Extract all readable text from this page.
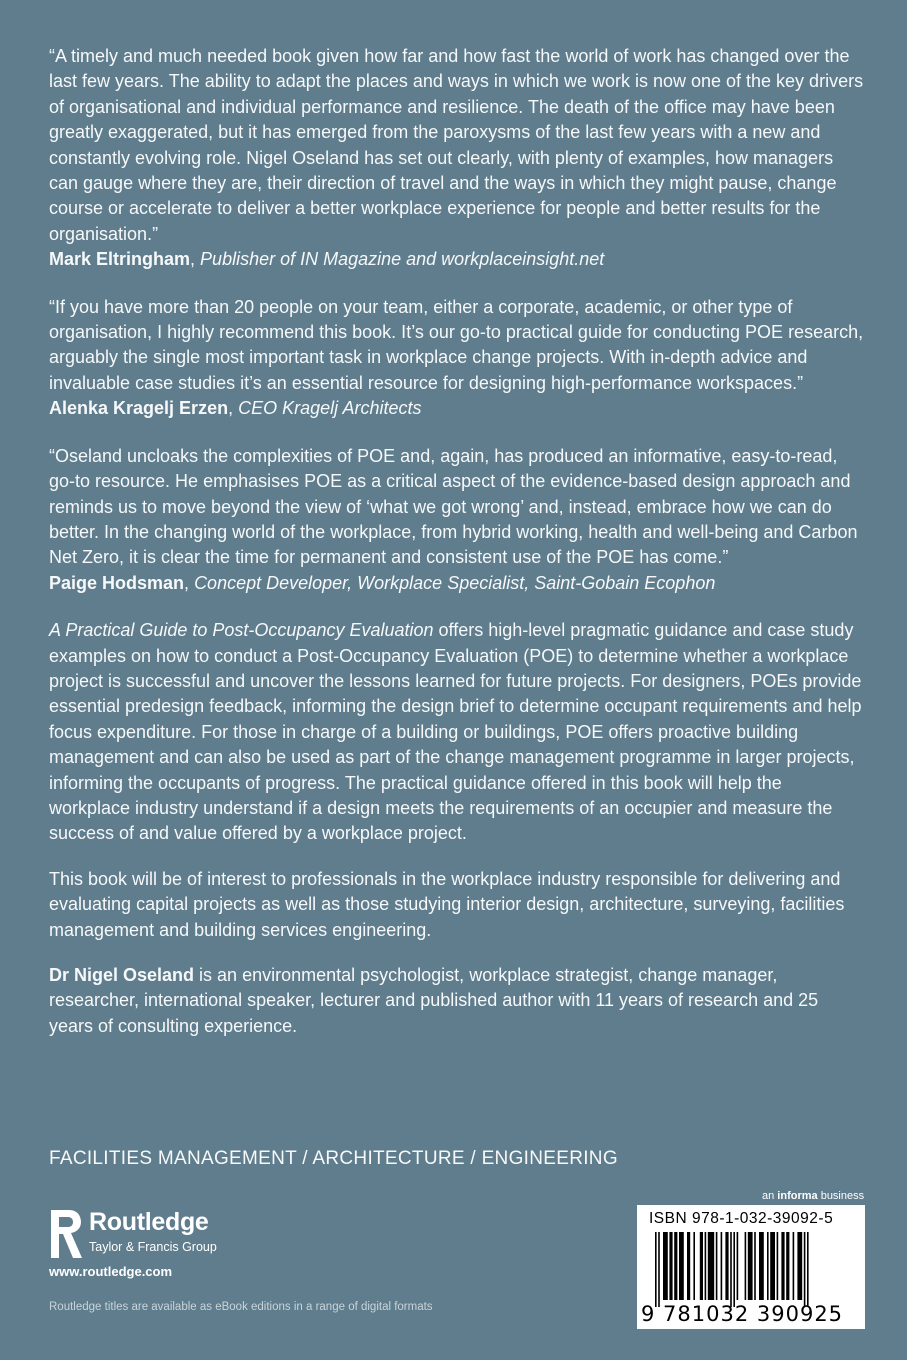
“A timely and much needed book given how far and how fast the world of work has changed over the last few years. The ability to adapt the places and ways in which we work is now one of the key drivers of organisational and individual performance and resilience. The death of the office may have been greatly exaggerated, but it has emerged from the paroxysms of the last few years with a new and constantly evolving role. Nigel Oseland has set out clearly, with plenty of examples, how managers can gauge where they are, their direction of travel and the ways in which they might pause, change course or accelerate to deliver a better workplace experience for people and better results for the organisation.”
Mark Eltringham, Publisher of IN Magazine and workplaceinsight.net
“If you have more than 20 people on your team, either a corporate, academic, or other type of organisation, I highly recommend this book. It’s our go-to practical guide for conducting POE research, arguably the single most important task in workplace change projects. With in-depth advice and invaluable case studies it’s an essential resource for designing high-performance workspaces.”
Alenka Kragelj Erzen, CEO Kragelj Architects
“Oseland uncloaks the complexities of POE and, again, has produced an informative, easy-to-read, go-to resource. He emphasises POE as a critical aspect of the evidence-based design approach and reminds us to move beyond the view of ‘what we got wrong’ and, instead, embrace how we can do better. In the changing world of the workplace, from hybrid working, health and well-being and Carbon Net Zero, it is clear the time for permanent and consistent use of the POE has come.”
Paige Hodsman, Concept Developer, Workplace Specialist, Saint-Gobain Ecophon
A Practical Guide to Post-Occupancy Evaluation offers high-level pragmatic guidance and case study examples on how to conduct a Post-Occupancy Evaluation (POE) to determine whether a workplace project is successful and uncover the lessons learned for future projects. For designers, POEs provide essential predesign feedback, informing the design brief to determine occupant requirements and help focus expenditure. For those in charge of a building or buildings, POE offers proactive building management and can also be used as part of the change management programme in larger projects, informing the occupants of progress. The practical guidance offered in this book will help the workplace industry understand if a design meets the requirements of an occupier and measure the success of and value offered by a workplace project.
This book will be of interest to professionals in the workplace industry responsible for delivering and evaluating capital projects as well as those studying interior design, architecture, surveying, facilities management and building services engineering.
Dr Nigel Oseland is an environmental psychologist, workplace strategist, change manager, researcher, international speaker, lecturer and published author with 11 years of research and 25 years of consulting experience.
FACILITIES MANAGEMENT / ARCHITECTURE / ENGINEERING
Routledge
Taylor & Francis Group
www.routledge.com
Routledge titles are available as eBook editions in a range of digital formats
an informa business
ISBN 978-1-032-39092-5
9 781032 390925
